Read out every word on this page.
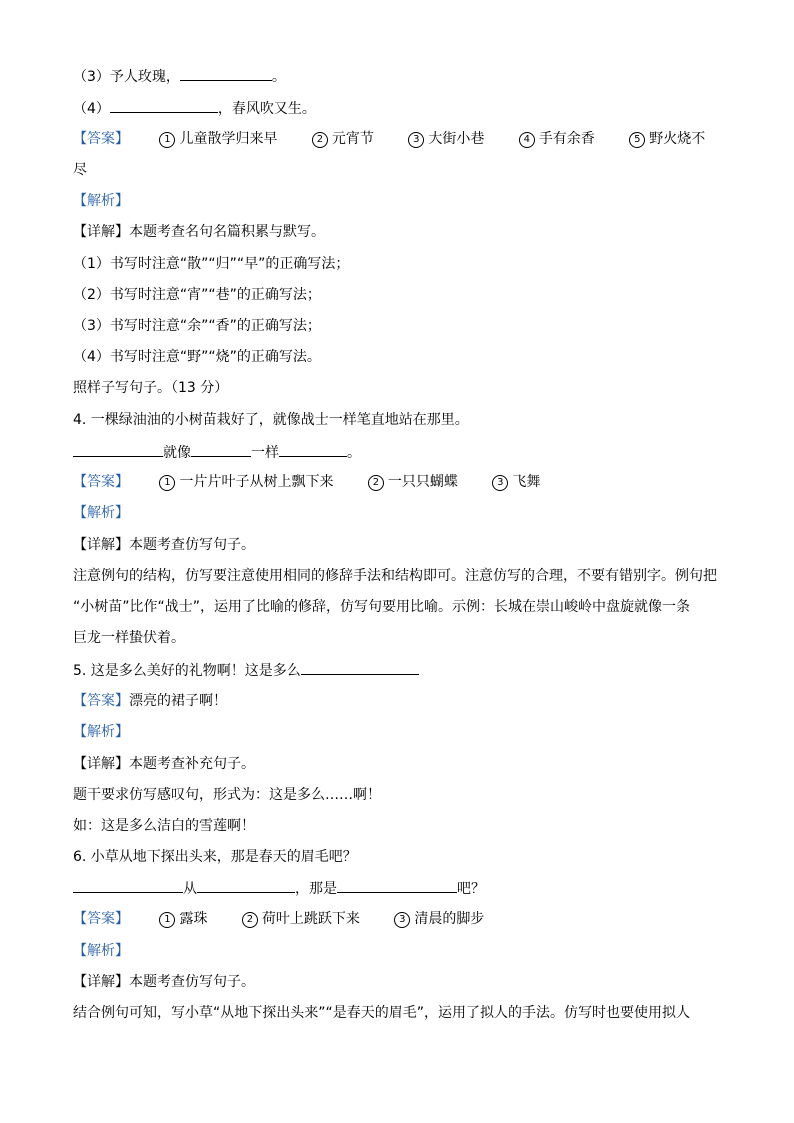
（3）予人玫瑰，	。
（4）	，春风吹又生。
【答案】	1 儿童散学归来早	2 元宵节	3 大街小巷	4 手有余香	5 野火烧不
尽
【解析】
【详解】本题考查名句名篇积累与默写。
（1）书写时注意“散”“归”“早”的正确写法；
（2）书写时注意“宵”“巷”的正确写法；
（3）书写时注意“余”“香”的正确写法；
（4）书写时注意“野”“烧”的正确写法。
照样子写句子。（13 分）
4. 一棵绿油油的小树苗栽好了，就像战士一样笔直地站在那里。
就像	一样	。
【答案】	1 一片片叶子从树上飘下来	2 一只只蝴蝶	3 飞舞
【解析】
【详解】本题考查仿写句子。
注意例句的结构，仿写要注意使用相同的修辞手法和结构即可。注意仿写的合理，不要有错别字。例句把
“小树苗”比作“战士”，运用了比喻的修辞，仿写句要用比喻。示例：长城在崇山峻岭中盘旋就像一条
巨龙一样蛰伏着。
5. 这是多么美好的礼物啊！这是多么
【答案】漂亮的裙子啊！
【解析】
【详解】本题考查补充句子。
题干要求仿写感叹句，形式为：这是多么……啊！
如：这是多么洁白的雪莲啊！
6. 小草从地下探出头来，那是春天的眉毛吧？
从	，那是	吧？
【答案】	1 露珠	2 荷叶上跳跃下来	3 清晨的脚步
【解析】
【详解】本题考查仿写句子。
结合例句可知，写小草“从地下探出头来”“是春天的眉毛”，运用了拟人的手法。仿写时也要使用拟人
